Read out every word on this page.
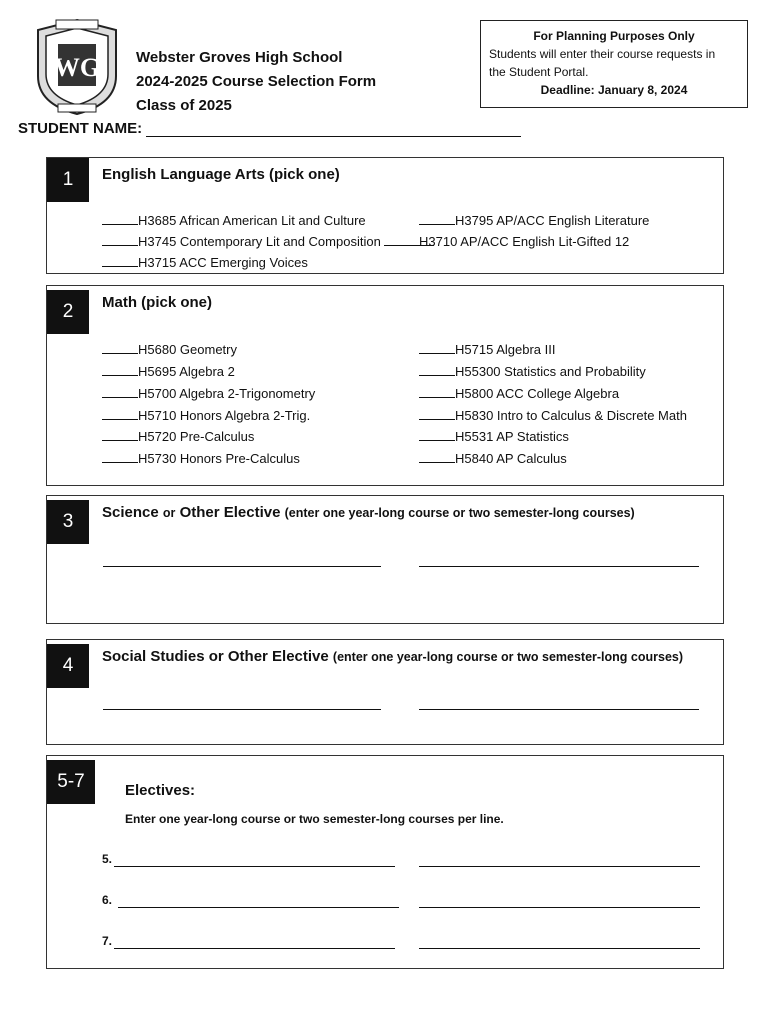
WG Webster Groves High School
2024-2025 Course Selection Form
Class of 2025
For Planning Purposes Only
Students will enter their course requests in
the Student Portal.
Deadline: January 8, 2024
STUDENT NAME:
1	English Language Arts (pick one)
H3685 African American Lit and Culture
H3745 Contemporary Lit and Composition
H3715 ACC Emerging Voices
H3795 AP/ACC English Literature
H3710 AP/ACC English Lit-Gifted 12
2	Math (pick one)
H5680 Geometry
H5695 Algebra 2
H5700 Algebra 2-Trigonometry
H5710 Honors Algebra 2-Trig.
H5720 Pre-Calculus
H5730 Honors Pre-Calculus
H5715 Algebra III
H55300 Statistics and Probability
H5800 ACC College Algebra
H5830 Intro to Calculus & Discrete Math
H5531 AP Statistics
H5840 AP Calculus
3	Science or Other Elective (enter one year-long course or two semester-long courses)
4	Social Studies or Other Elective (enter one year-long course or two semester-long courses)
5-7	Electives:
Enter one year-long course or two semester-long courses per line.
5.
6.
7.
